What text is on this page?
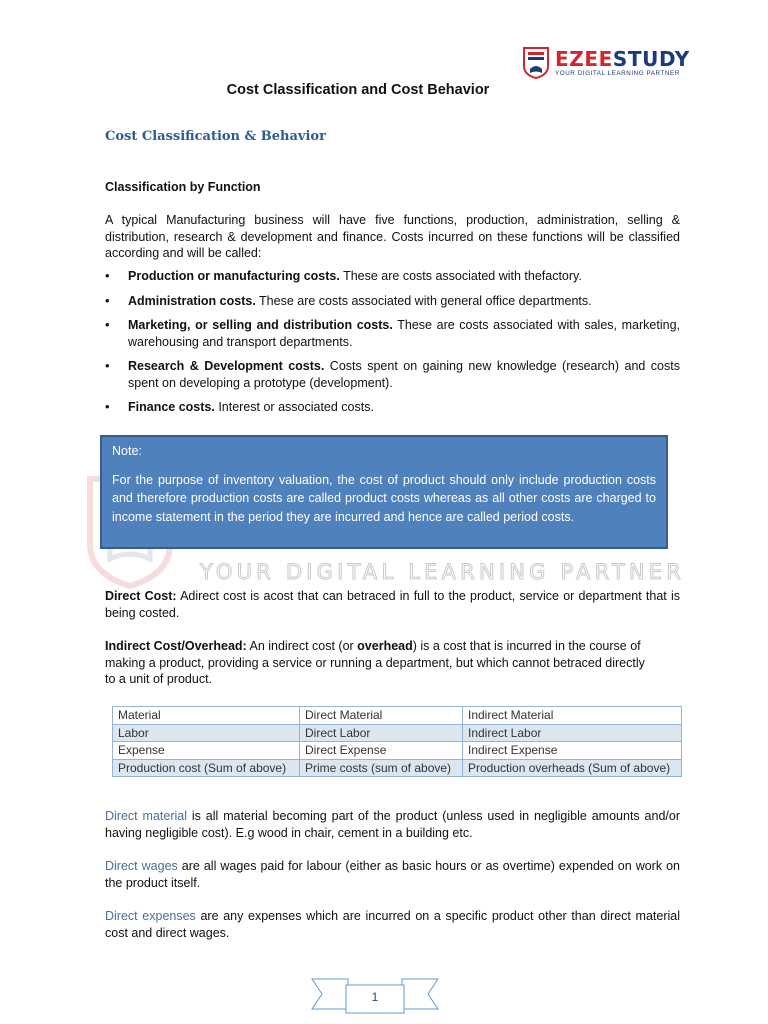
YOUR DIGITAL LEARNING PARTNER
EZEESTUDY
YOUR DIGITAL LEARNING PARTNER
Cost Classification and Cost Behavior
Cost Classification & Behavior
Classification by Function
A typical Manufacturing business will have five functions, production, administration, selling & distribution, research & development and finance. Costs incurred on these functions will be classified according and will be called:
• Production or manufacturing costs. These are costs associated with thefactory.
• Administration costs. These are costs associated with general office departments.
• Marketing, or selling and distribution costs. These are costs associated with sales, marketing, warehousing and transport departments.
• Research & Development costs. Costs spent on gaining new knowledge (research) and costs spent on developing a prototype (development).
• Finance costs. Interest or associated costs.
Note:
For the purpose of inventory valuation, the cost of product should only include production costs and therefore production costs are called product costs whereas as all other costs are charged to income statement in the period they are incurred and hence are called period costs.
Direct Cost: Adirect cost is acost that can betraced in full to the product, service or department that is being costed.
Indirect Cost/Overhead: An indirect cost (or overhead) is a cost that is incurred in the course of making a product, providing a service or running a department, but which cannot betraced directly to a unit of product.
Material	Direct Material	Indirect Material
Labor	Direct Labor	Indirect Labor
Expense	Direct Expense	Indirect Expense
Production cost (Sum of above)	Prime costs (sum of above)	Production overheads (Sum of above)
Direct material is all material becoming part of the product (unless used in negligible amounts and/or having negligible cost). E.g wood in chair, cement in a building etc.
Direct wages are all wages paid for labour (either as basic hours or as overtime) expended on work on the product itself.
Direct expenses are any expenses which are incurred on a specific product other than direct material cost and direct wages.
1
